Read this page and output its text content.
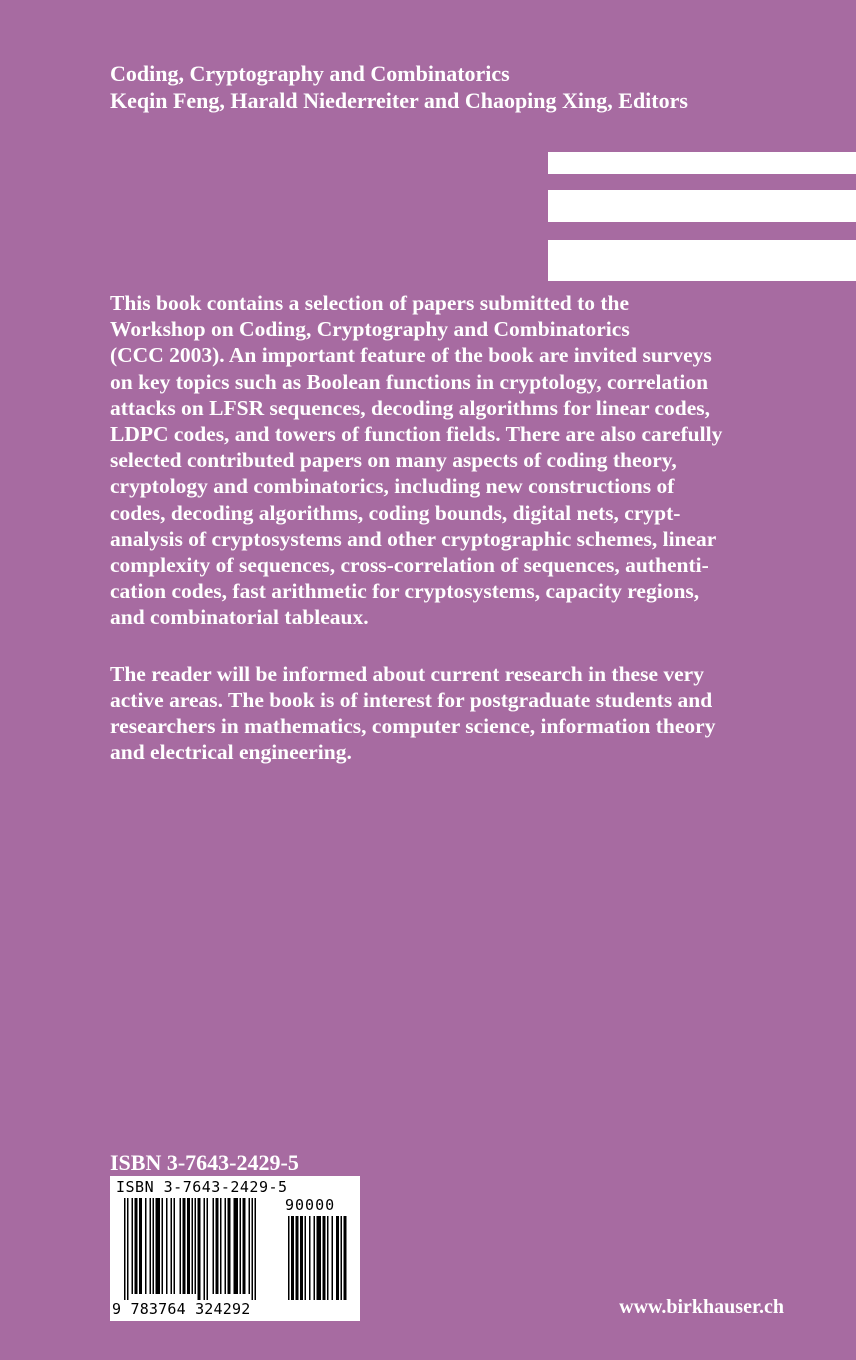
Coding, Cryptography and Combinatorics
Keqin Feng, Harald Niederreiter and Chaoping Xing, Editors
This book contains a selection of papers submitted to the
Workshop on Coding, Cryptography and Combinatorics
(CCC 2003). An important feature of the book are invited surveys
on key topics such as Boolean functions in cryptology, correlation
attacks on LFSR sequences, decoding algorithms for linear codes,
LDPC codes, and towers of function fields. There are also carefully
selected contributed papers on many aspects of coding theory,
cryptology and combinatorics, including new constructions of
codes, decoding algorithms, coding bounds, digital nets, crypt-
analysis of cryptosystems and other cryptographic schemes, linear
complexity of sequences, cross-correlation of sequences, authenti-
cation codes, fast arithmetic for cryptosystems, capacity regions,
and combinatorial tableaux.
The reader will be informed about current research in these very
active areas. The book is of interest for postgraduate students and
researchers in mathematics, computer science, information theory
and electrical engineering.
ISBN 3-7643-2429-5
ISBN 3-7643-2429-5
90000
9 783764 324292	www.birkhauser.ch
